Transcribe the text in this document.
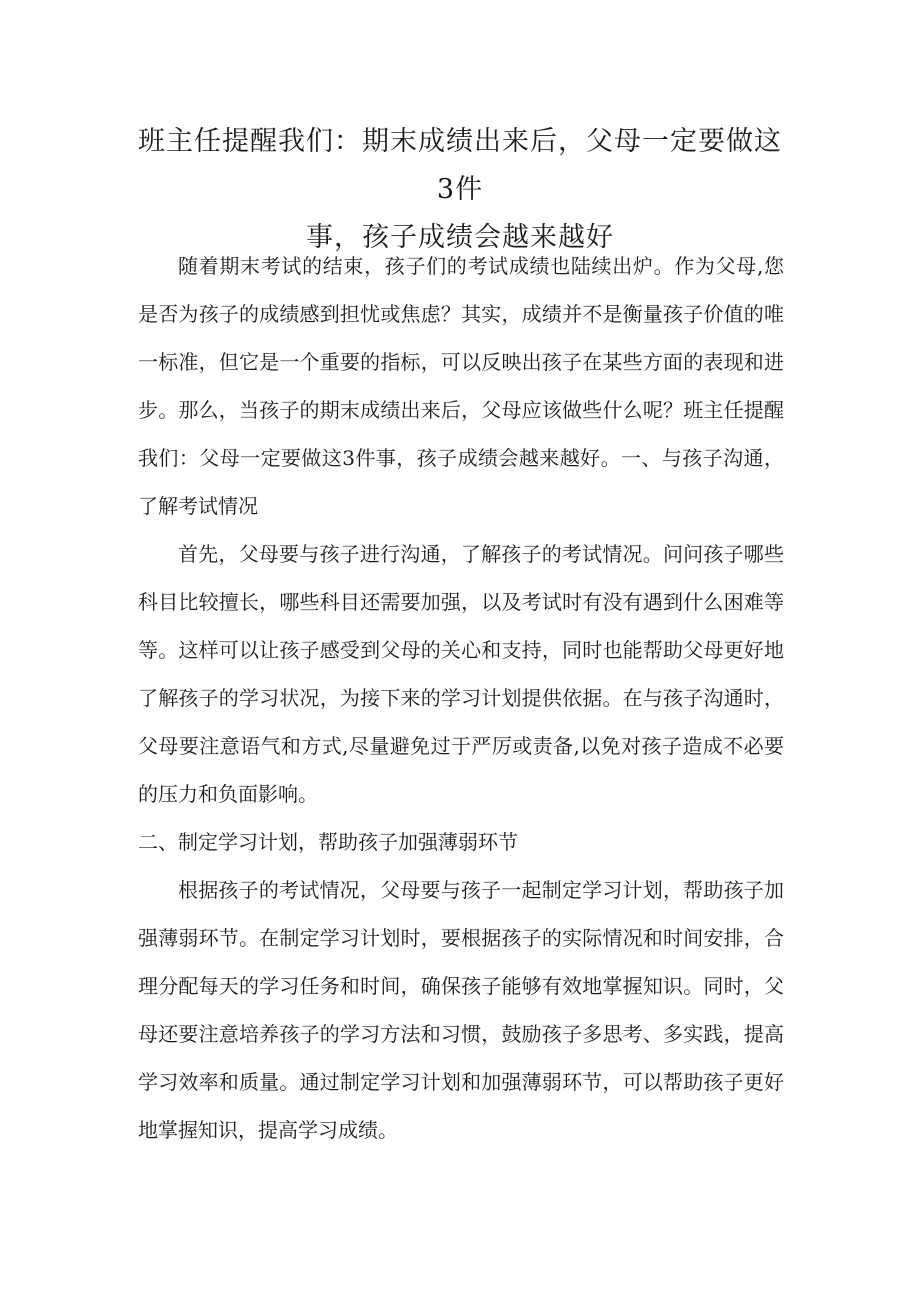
班主任提醒我们：期末成绩出来后，父母一定要做这3件
事，孩子成绩会越来越好

随着期末考试的结束，孩子们的考试成绩也陆续出炉。作为父母,您是否为孩子的成绩感到担忧或焦虑？其实，成绩并不是衡量孩子价值的唯一标准，但它是一个重要的指标，可以反映出孩子在某些方面的表现和进步。那么，当孩子的期末成绩出来后，父母应该做些什么呢？班主任提醒我们：父母一定要做这3件事，孩子成绩会越来越好。一、与孩子沟通，了解考试情况

首先，父母要与孩子进行沟通，了解孩子的考试情况。问问孩子哪些科目比较擅长，哪些科目还需要加强，以及考试时有没有遇到什么困难等等。这样可以让孩子感受到父母的关心和支持，同时也能帮助父母更好地了解孩子的学习状况，为接下来的学习计划提供依据。在与孩子沟通时，父母要注意语气和方式,尽量避免过于严厉或责备,以免对孩子造成不必要的压力和负面影响。

二、制定学习计划，帮助孩子加强薄弱环节

根据孩子的考试情况，父母要与孩子一起制定学习计划，帮助孩子加强薄弱环节。在制定学习计划时，要根据孩子的实际情况和时间安排，合理分配每天的学习任务和时间，确保孩子能够有效地掌握知识。同时，父母还要注意培养孩子的学习方法和习惯，鼓励孩子多思考、多实践，提高学习效率和质量。通过制定学习计划和加强薄弱环节，可以帮助孩子更好地掌握知识，提高学习成绩。
